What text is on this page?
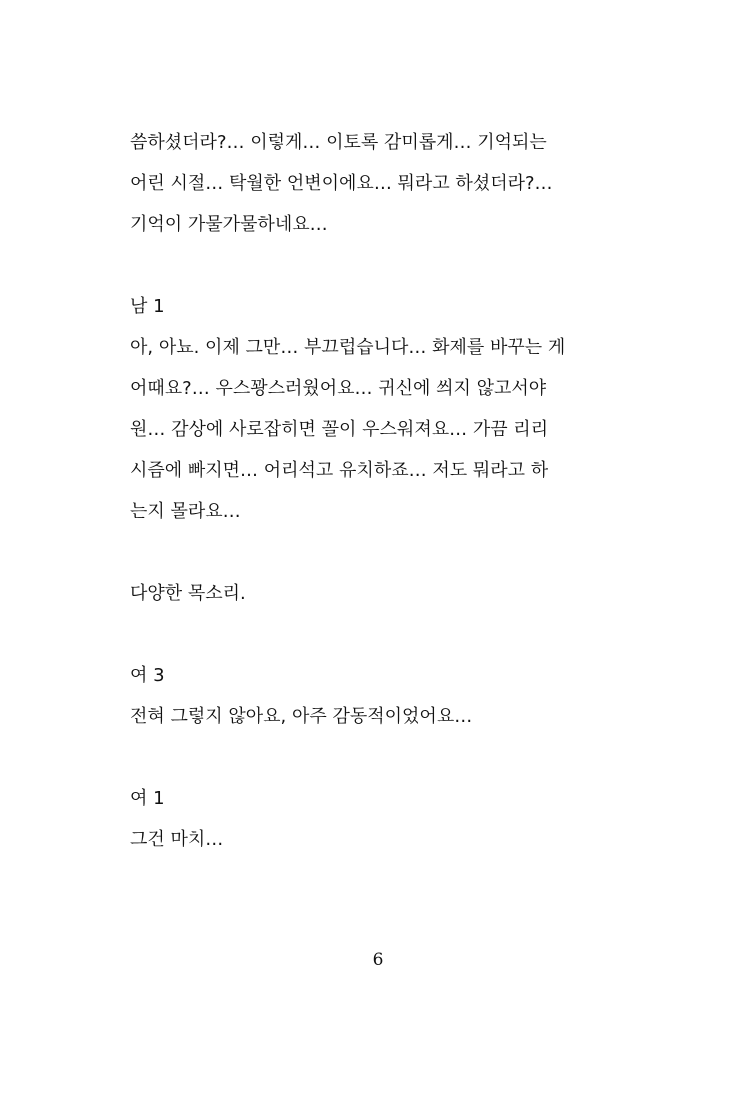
씀하셨더라?… 이렇게… 이토록 감미롭게… 기억되는
어린 시절… 탁월한 언변이에요… 뭐라고 하셨더라?…
기억이 가물가물하네요…

남 1
아, 아뇨. 이제 그만… 부끄럽습니다… 화제를 바꾸는 게
어때요?… 우스꽝스러웠어요… 귀신에 씌지 않고서야
원… 감상에 사로잡히면 꼴이 우스워져요… 가끔 리리
시즘에 빠지면… 어리석고 유치하죠… 저도 뭐라고 하
는지 몰라요…

다양한 목소리.

여 3
전혀 그렇지 않아요, 아주 감동적이었어요…

여 1
그건 마치…

6
